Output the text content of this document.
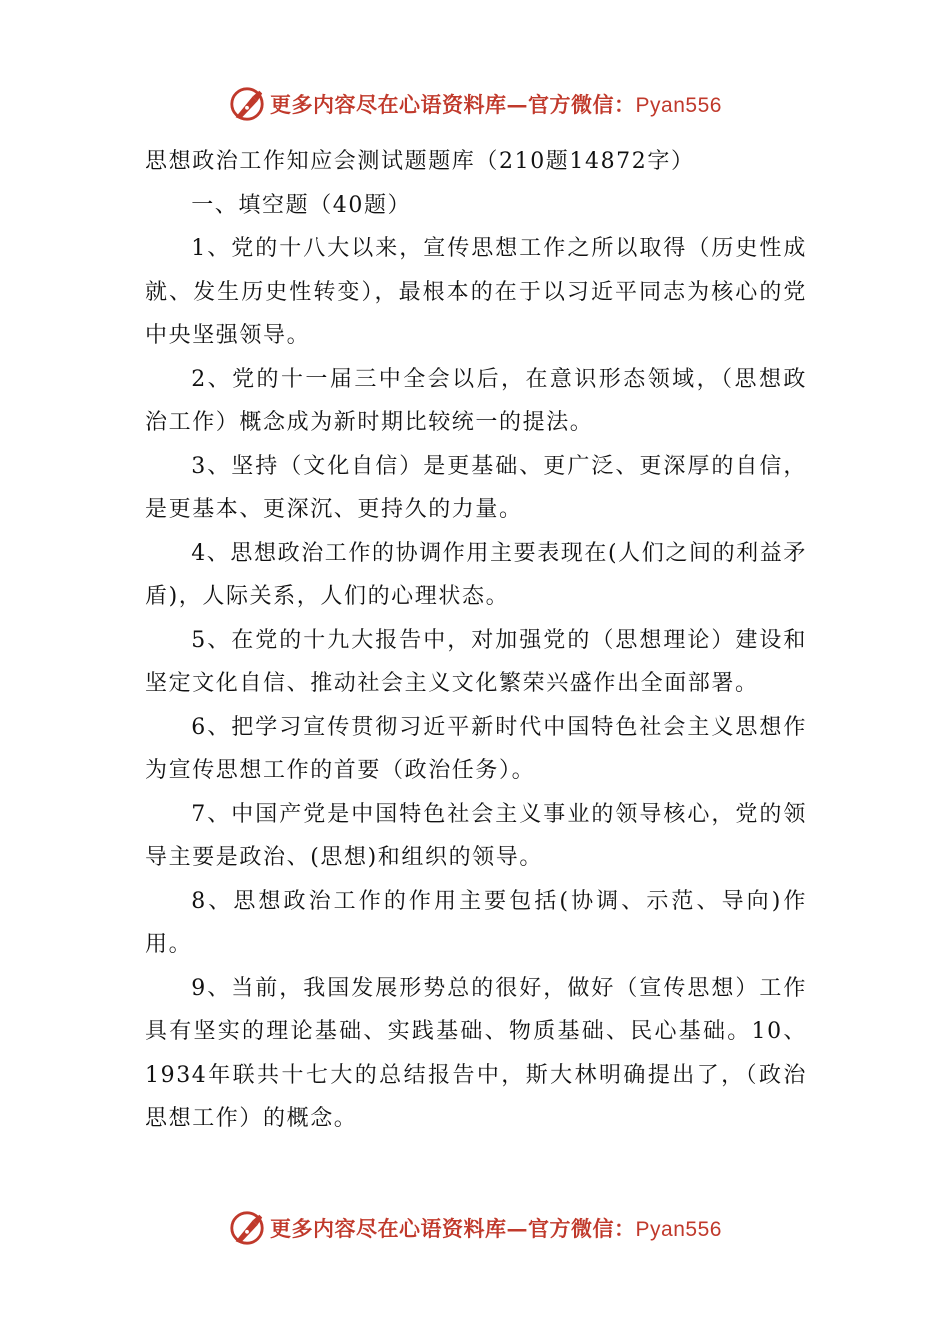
更多内容尽在心语资料库—官方微信：Pyan556

思想政治工作知应会测试题题库（210题14872字）

一、填空题（40题）

1、党的十八大以来，宣传思想工作之所以取得（历史性成就、发生历史性转变），最根本的在于以习近平同志为核心的党中央坚强领导。

2、党的十一届三中全会以后，在意识形态领域，（思想政治工作）概念成为新时期比较统一的提法。

3、坚持（文化自信）是更基础、更广泛、更深厚的自信，是更基本、更深沉、更持久的力量。

4、思想政治工作的协调作用主要表现在(人们之间的利益矛盾)，人际关系，人们的心理状态。

5、在党的十九大报告中，对加强党的（思想理论）建设和坚定文化自信、推动社会主义文化繁荣兴盛作出全面部署。

6、把学习宣传贯彻习近平新时代中国特色社会主义思想作为宣传思想工作的首要（政治任务）。

7、中国产党是中国特色社会主义事业的领导核心，党的领导主要是政治、(思想)和组织的领导。

8、思想政治工作的作用主要包括(协调、示范、导向)作用。

9、当前，我国发展形势总的很好，做好（宣传思想）工作具有坚实的理论基础、实践基础、物质基础、民心基础。10、1934年联共十七大的总结报告中，斯大林明确提出了，（政治思想工作）的概念。

更多内容尽在心语资料库—官方微信：Pyan556
